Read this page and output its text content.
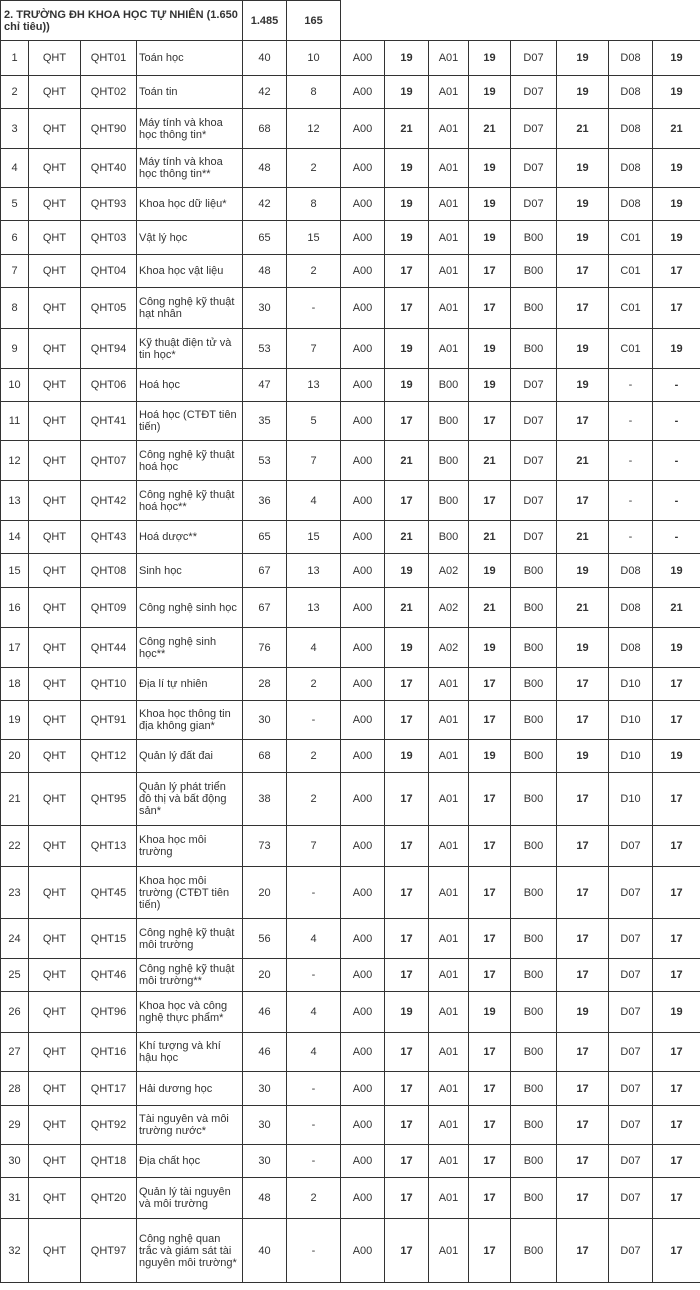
2. TRƯỜNG ĐH KHOA HỌC TỰ NHIÊN (1.650 chỉ tiêu))				1.485	165								
1	QHT	QHT01	Toán học	40	10	A00	19	A01	19	D07	19	D08	19
2	QHT	QHT02	Toán tin	42	8	A00	19	A01	19	D07	19	D08	19
3	QHT	QHT90	Máy tính và khoa học thông tin*	68	12	A00	21	A01	21	D07	21	D08	21
4	QHT	QHT40	Máy tính và khoa học thông tin**	48	2	A00	19	A01	19	D07	19	D08	19
5	QHT	QHT93	Khoa học dữ liệu*	42	8	A00	19	A01	19	D07	19	D08	19
6	QHT	QHT03	Vật lý học	65	15	A00	19	A01	19	B00	19	C01	19
7	QHT	QHT04	Khoa học vật liệu	48	2	A00	17	A01	17	B00	17	C01	17
8	QHT	QHT05	Công nghệ kỹ thuật hạt nhân	30	-	A00	17	A01	17	B00	17	C01	17
9	QHT	QHT94	Kỹ thuật điện tử và tin học*	53	7	A00	19	A01	19	B00	19	C01	19
10	QHT	QHT06	Hoá học	47	13	A00	19	B00	19	D07	19	-	-
11	QHT	QHT41	Hoá học (CTĐT tiên tiến)	35	5	A00	17	B00	17	D07	17	-	-
12	QHT	QHT07	Công nghệ kỹ thuật hoá học	53	7	A00	21	B00	21	D07	21	-	-
13	QHT	QHT42	Công nghệ kỹ thuật hoá học**	36	4	A00	17	B00	17	D07	17	-	-
14	QHT	QHT43	Hoá dược**	65	15	A00	21	B00	21	D07	21	-	-
15	QHT	QHT08	Sinh học	67	13	A00	19	A02	19	B00	19	D08	19
16	QHT	QHT09	Công nghệ sinh học	67	13	A00	21	A02	21	B00	21	D08	21
17	QHT	QHT44	Công nghệ sinh học**	76	4	A00	19	A02	19	B00	19	D08	19
18	QHT	QHT10	Địa lí tự nhiên	28	2	A00	17	A01	17	B00	17	D10	17
19	QHT	QHT91	Khoa học thông tin địa không gian*	30	-	A00	17	A01	17	B00	17	D10	17
20	QHT	QHT12	Quản lý đất đai	68	2	A00	19	A01	19	B00	19	D10	19
21	QHT	QHT95	Quản lý phát triển đô thị và bất động sản*	38	2	A00	17	A01	17	B00	17	D10	17
22	QHT	QHT13	Khoa học môi trường	73	7	A00	17	A01	17	B00	17	D07	17
23	QHT	QHT45	Khoa học môi trường (CTĐT tiên tiến)	20	-	A00	17	A01	17	B00	17	D07	17
24	QHT	QHT15	Công nghệ kỹ thuật môi trường	56	4	A00	17	A01	17	B00	17	D07	17
25	QHT	QHT46	Công nghệ kỹ thuật môi trường**	20	-	A00	17	A01	17	B00	17	D07	17
26	QHT	QHT96	Khoa học và công nghệ thực phẩm*	46	4	A00	19	A01	19	B00	19	D07	19
27	QHT	QHT16	Khí tượng và khí hậu học	46	4	A00	17	A01	17	B00	17	D07	17
28	QHT	QHT17	Hải dương học	30	-	A00	17	A01	17	B00	17	D07	17
29	QHT	QHT92	Tài nguyên và môi trường nước*	30	-	A00	17	A01	17	B00	17	D07	17
30	QHT	QHT18	Địa chất học	30	-	A00	17	A01	17	B00	17	D07	17
31	QHT	QHT20	Quản lý tài nguyên và môi trường	48	2	A00	17	A01	17	B00	17	D07	17
32	QHT	QHT97	Công nghệ quan trắc và giám sát tài nguyên môi trường*	40	-	A00	17	A01	17	B00	17	D07	17
